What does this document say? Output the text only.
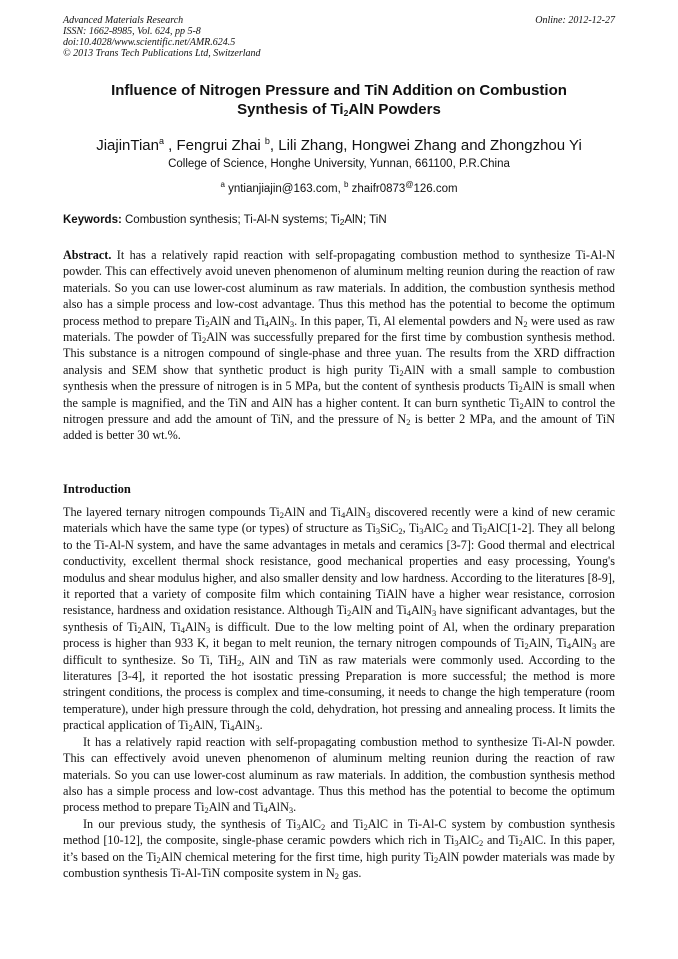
Advanced Materials Research
ISSN: 1662-8985, Vol. 624, pp 5-8
doi:10.4028/www.scientific.net/AMR.624.5
© 2013 Trans Tech Publications Ltd, Switzerland
Online: 2012-12-27
Influence of Nitrogen Pressure and TiN Addition on Combustion
Synthesis of $Ti_2AlN$ Powders
JiajinTian$^a$ , Fengrui Zhai $^b$, Lili Zhang, Hongwei Zhang and Zhongzhou Yi
College of Science, Honghe University, Yunnan, 661100, P.R.China
$^a$ yntianjiajin@163.com, $^b$ zhaifr0873@126.com
Keywords: Combustion synthesis; Ti-Al-N systems; $Ti_2AlN$; TiN

Abstract. It has a relatively rapid reaction with self-propagating combustion method to synthesize Ti-Al-N powder. This can effectively avoid uneven phenomenon of aluminum melting reunion during the reaction of raw materials. So you can use lower-cost aluminum as raw materials. In addition, the combustion synthesis method also has a simple process and low-cost advantage. Thus this method has the potential to become the optimum process method to prepare $Ti_2AlN$ and $Ti_4AlN_3$. In this paper, Ti, Al elemental powders and $N_2$ were used as raw materials. The powder of $Ti_2AlN$ was successfully prepared for the first time by combustion synthesis method. This substance is a nitrogen compound of single-phase and three yuan. The results from the XRD diffraction analysis and SEM show that synthetic product is high purity $Ti_2AlN$ with a small sample to combustion synthesis when the pressure of nitrogen is in 5 MPa, but the content of synthesis products $Ti_2AlN$ is small when the sample is magnified, and the TiN and AlN has a higher content. It can burn synthetic $Ti_2AlN$ to control the nitrogen pressure and add the amount of TiN, and the pressure of $N_2$ is better 2 MPa, and the amount of TiN added is better 30 wt.%.

Introduction

The layered ternary nitrogen compounds $Ti_2AlN$ and $Ti_4AlN_3$ discovered recently were a kind of new ceramic materials which have the same type (or types) of structure as $Ti_3SiC_2$, $Ti_3AlC_2$ and $Ti_2AlC[1-2]$. They all belong to the Ti-Al-N system, and have the same advantages in metals and ceramics [3-7]: Good thermal and electrical conductivity, excellent thermal shock resistance, good mechanical properties and easy processing, Young's modulus and shear modulus higher, and also smaller density and low hardness. According to the literatures [8-9], it reported that a variety of composite film which containing TiAlN have a higher wear resistance, corrosion resistance, hardness and oxidation resistance. Although $Ti_2AlN$ and $Ti_4AlN_3$ have significant advantages, but the synthesis of $Ti_2AlN$, $Ti_4AlN_3$ is difficult. Due to the low melting point of Al, when the ordinary preparation process is higher than 933 K, it began to melt reunion, the ternary nitrogen compounds of $Ti_2AlN$, $Ti_4AlN_3$ are difficult to synthesize. So Ti, TiH$_2$, AlN and TiN as raw materials were commonly used. According to the literatures [3-4], it reported the hot isostatic pressing Preparation is more successful; the method is more stringent conditions, the process is complex and time-consuming, it needs to change the high temperature (room temperature), under high pressure through the cold, dehydration, hot pressing and annealing process. It limits the practical application of $Ti_2AlN$, $Ti_4AlN_3$.

It has a relatively rapid reaction with self-propagating combustion method to synthesize Ti-Al-N powder. This can effectively avoid uneven phenomenon of aluminum melting reunion during the reaction of raw materials. So you can use lower-cost aluminum as raw materials. In addition, the combustion synthesis method also has a simple process and low-cost advantage. Thus this method has the potential to become the optimum process method to prepare $Ti_2AlN$ and $Ti_4AlN_3$.

In our previous study, the synthesis of $Ti_3AlC_2$ and $Ti_2AlC$ in Ti-Al-C system by combustion synthesis method [10-12], the composite, single-phase ceramic powders which rich in $Ti_3AlC_2$ and $Ti_2AlC$. In this paper, it’s based on the $Ti_2AlN$ chemical metering for the first time, high purity $Ti_2AlN$ powder materials was made by combustion synthesis Ti-Al-TiN composite system in $N_2$ gas.
